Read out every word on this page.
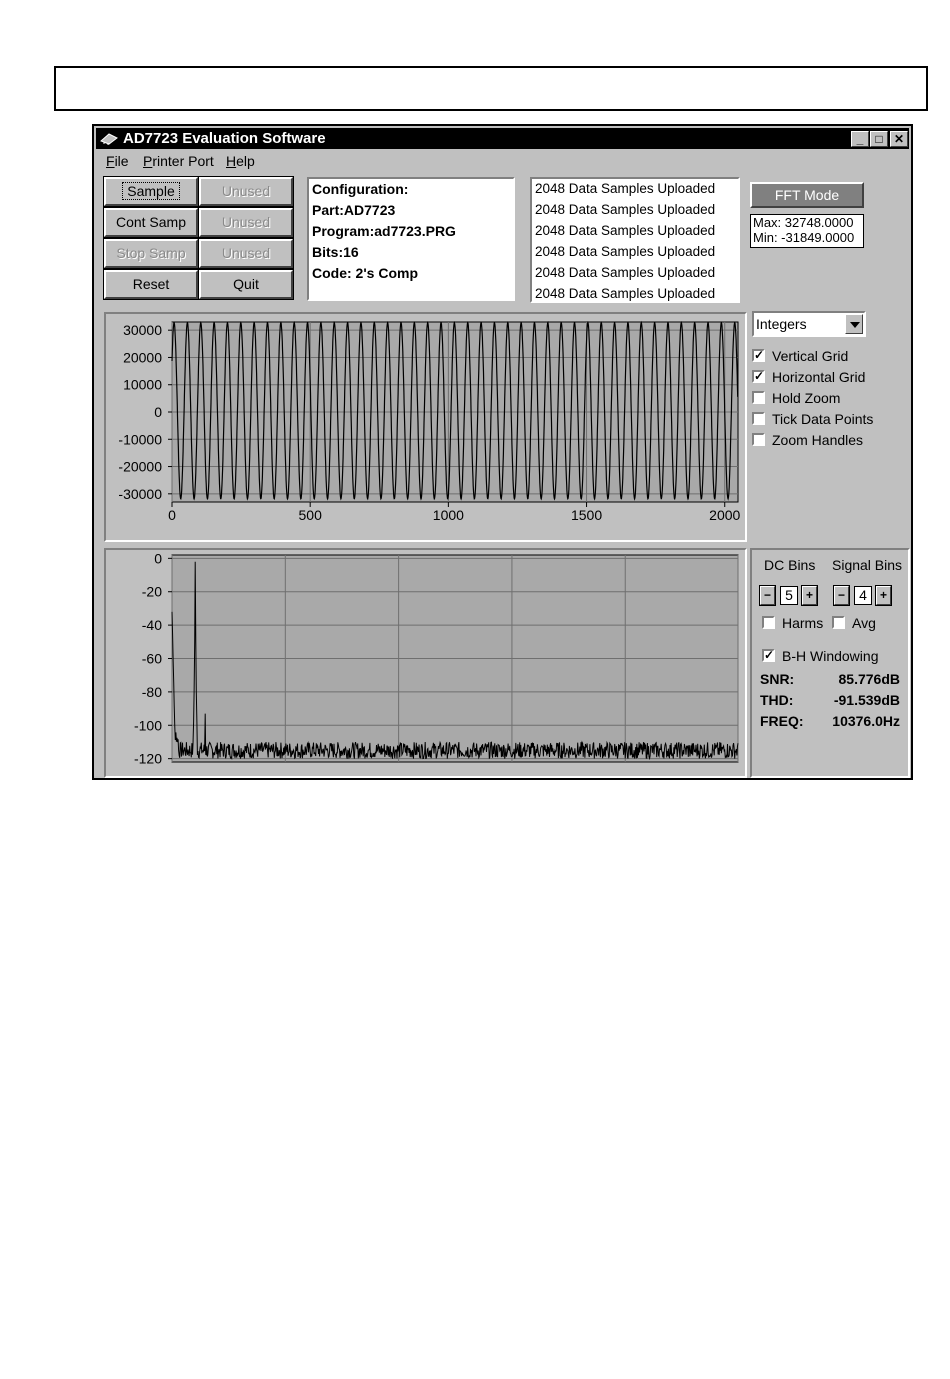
AD7723 Evaluation Software	_	□ ✕
File Printer Port Help
Sample	Unused
Cont Samp	Unused
Stop Samp	Unused
Reset	Quit
Configuration:
Part:AD7723
Program:ad7723.PRG
Bits:16
Code: 2's Comp
2048 Data Samples Uploaded
2048 Data Samples Uploaded
2048 Data Samples Uploaded
2048 Data Samples Uploaded
2048 Data Samples Uploaded
2048 Data Samples Uploaded
FFT Mode
Max: 32748.0000
Min: -31849.0000
0	500	1000	1500	2000
30000
20000
10000
0
-10000
-20000
-30000
Integers
✓ Vertical Grid
✓ Horizontal Grid
Hold Zoom
Tick Data Points
Zoom Handles
0
-20
-40
-60
-80
-100
-120
DC Bins Signal Bins
−	5	+	−	4	+
Harms	Avg
✓ B-H Windowing
SNR:	85.776dB
THD:	-91.539dB
FREQ: 10376.0Hz
